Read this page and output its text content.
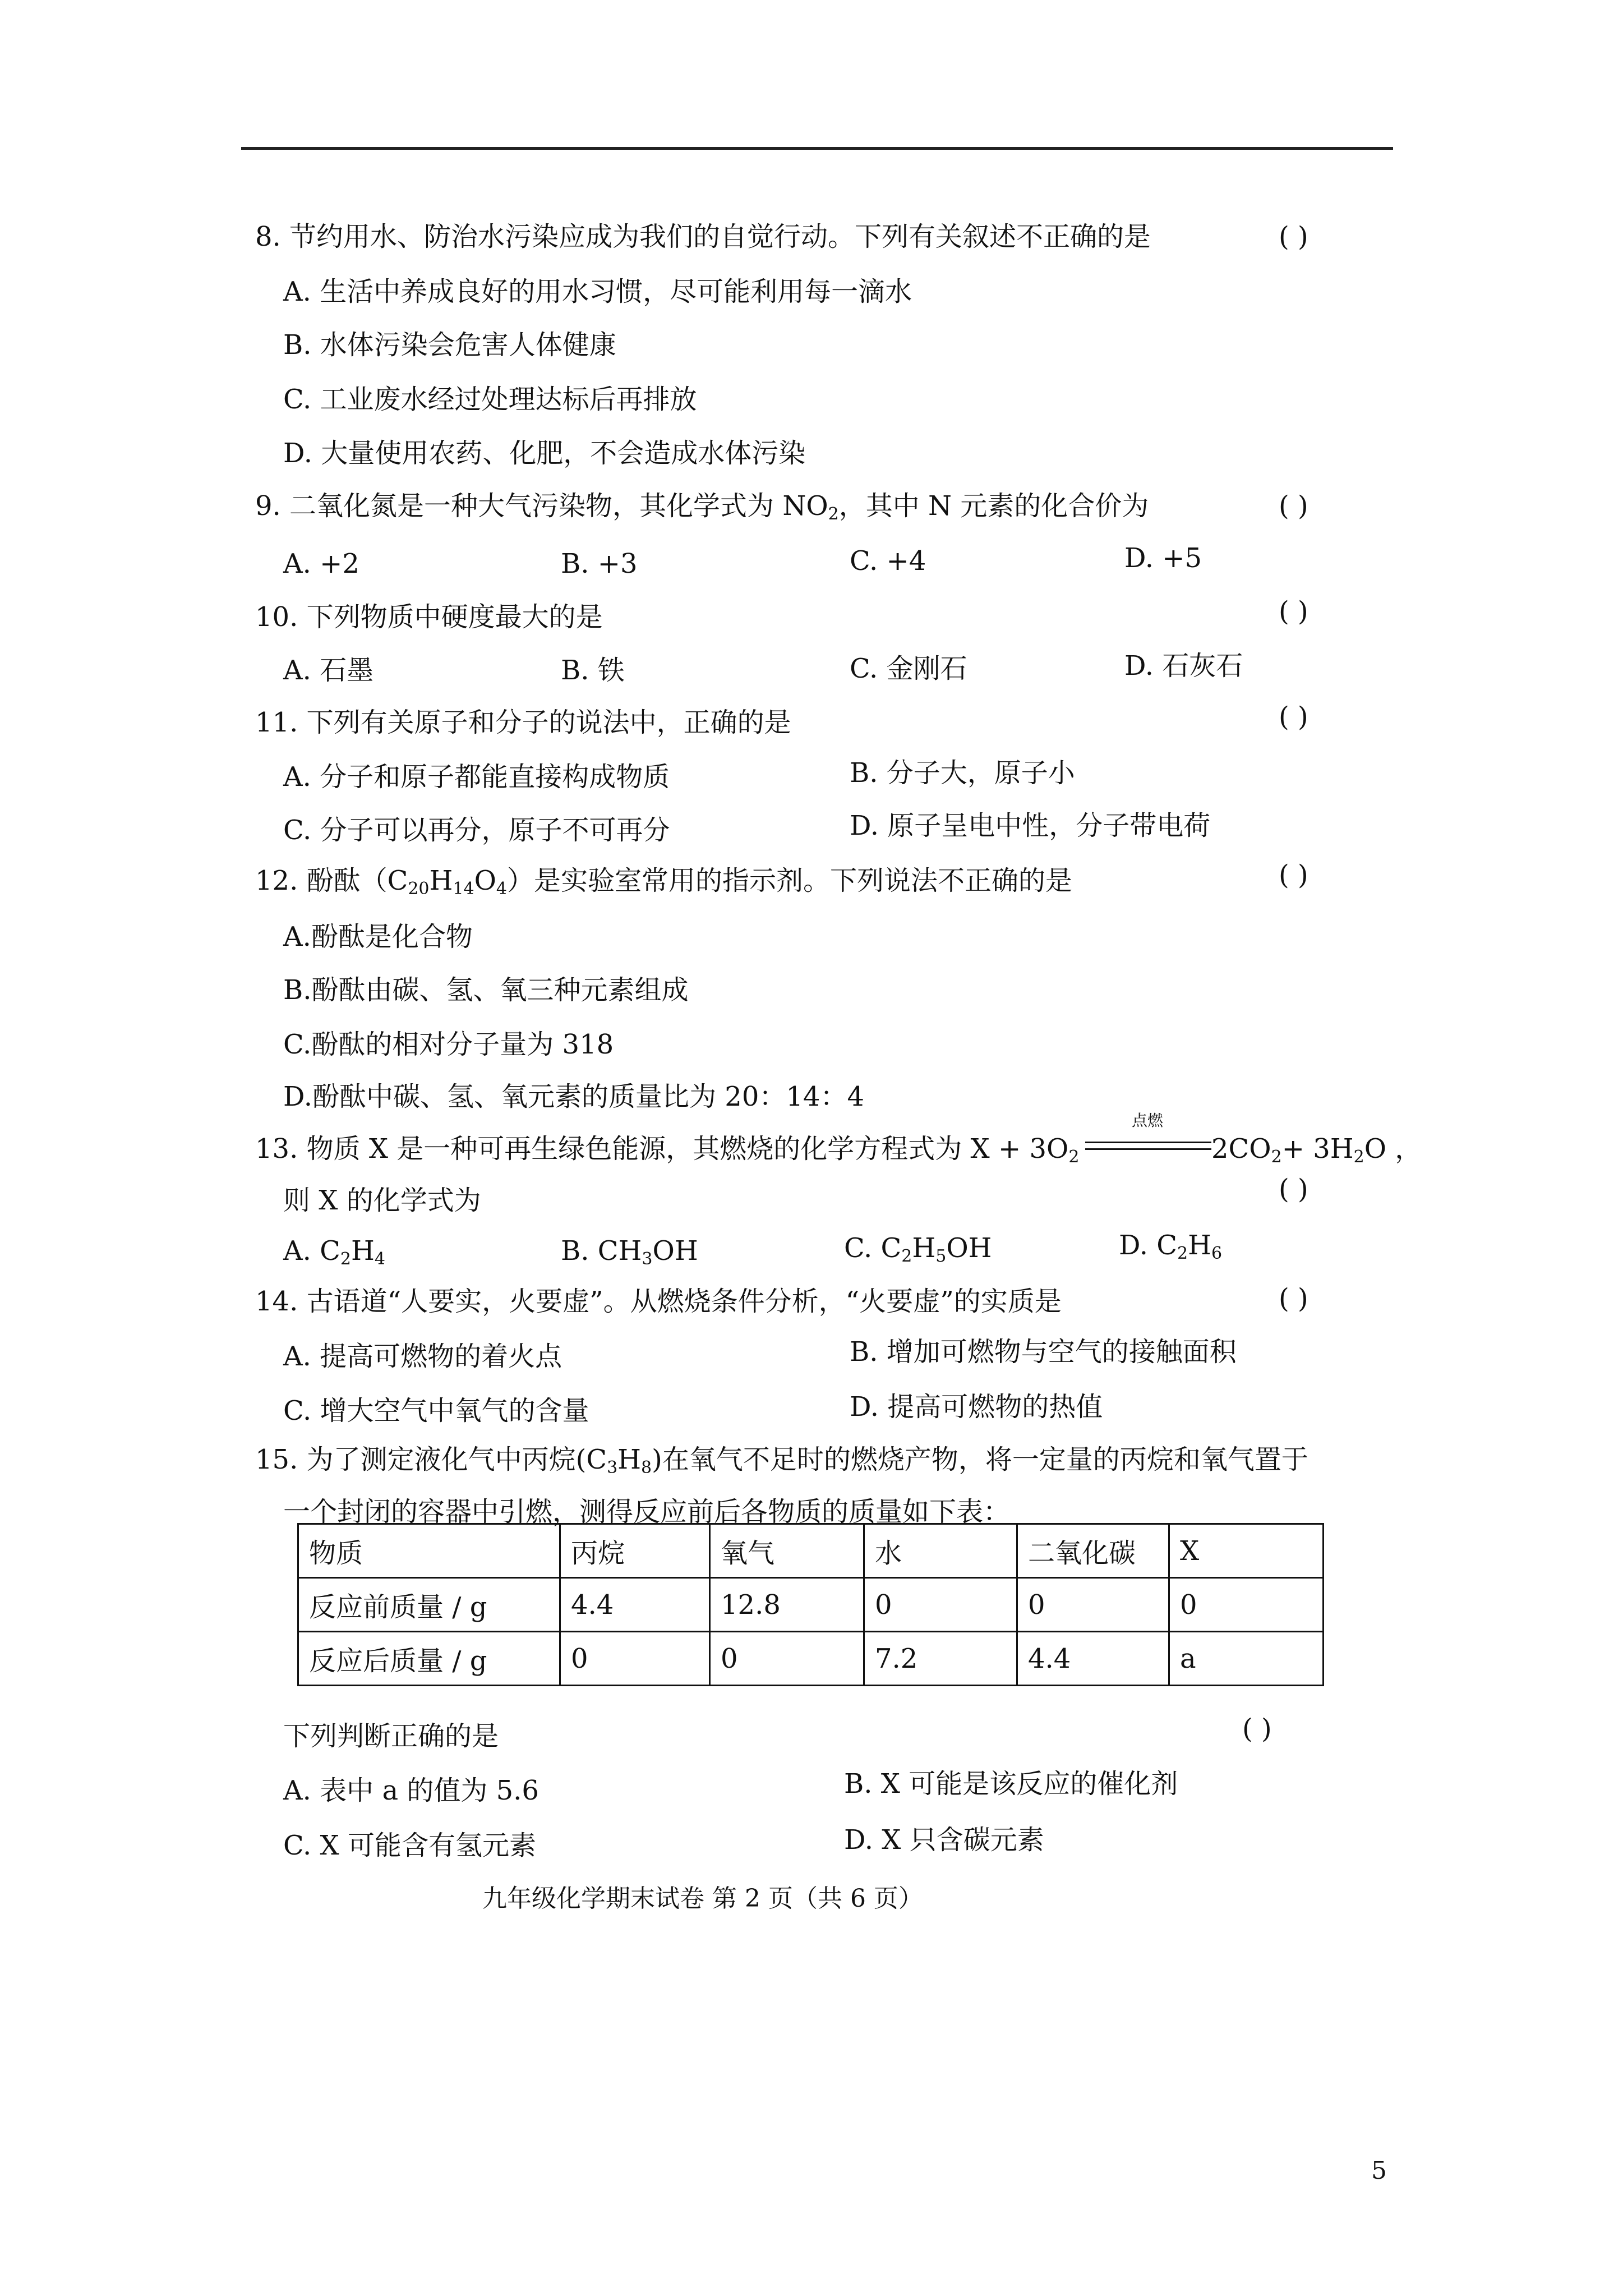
8. 节约用水、防治水污染应成为我们的自觉行动。下列有关叙述不正确的是	( )
A. 生活中养成良好的用水习惯，尽可能利用每一滴水
B. 水体污染会危害人体健康
C. 工业废水经过处理达标后再排放
D. 大量使用农药、化肥，不会造成水体污染
9. 二氧化氮是一种大气污染物，其化学式为 $NO_2$，其中 N 元素的化合价为	( )
A. +2	B. +3	C. +4	D. +5
10. 下列物质中硬度最大的是	( )
A. 石墨	B. 铁	C. 金刚石	D. 石灰石
11. 下列有关原子和分子的说法中，正确的是	( )
A. 分子和原子都能直接构成物质	B. 分子大，原子小
C. 分子可以再分，原子不可再分	D. 原子呈电中性，分子带电荷
12. 酚酞$(C_{20}H_{14}O_4)$是实验室常用的指示剂。下列说法不正确的是	( )
A.酚酞是化合物
B.酚酞由碳、氢、氧三种元素组成
C.酚酞的相对分子量为 318
D.酚酞中碳、氢、氧元素的质量比为 20：14：4
13. 物质 X 是一种可再生绿色能源，其燃烧的化学方程式为 $X + 3O_2$
点燃
$2CO_2+ 3H_2O$ ，
则 X 的化学式为	( )
A. $C_2H_4$	B. $CH_3OH$	C. $C_2H_5OH$	D. $C_2H_6$
14. 古语道“人要实，火要虚”。从燃烧条件分析，“火要虚”的实质是	( )
A. 提高可燃物的着火点	B. 增加可燃物与空气的接触面积
C. 增大空气中氧气的含量	D. 提高可燃物的热值
15. 为了测定液化气中丙烷$(C_3H_8)$在氧气不足时的燃烧产物，将一定量的丙烷和氧气置于
一个封闭的容器中引燃，测得反应前后各物质的质量如下表：
物质	丙烷	氧气	水	二氧化碳	X
反应前质量 / g	4.4	12.8	0	0	0
反应后质量 / g	0	0	7.2	4.4	a
下列判断正确的是	( )
A. 表中 a 的值为 5.6	B. X 可能是该反应的催化剂
C. X 可能含有氢元素	D. X 只含碳元素
九年级化学期末试卷 第 2 页（共 6 页）
5
